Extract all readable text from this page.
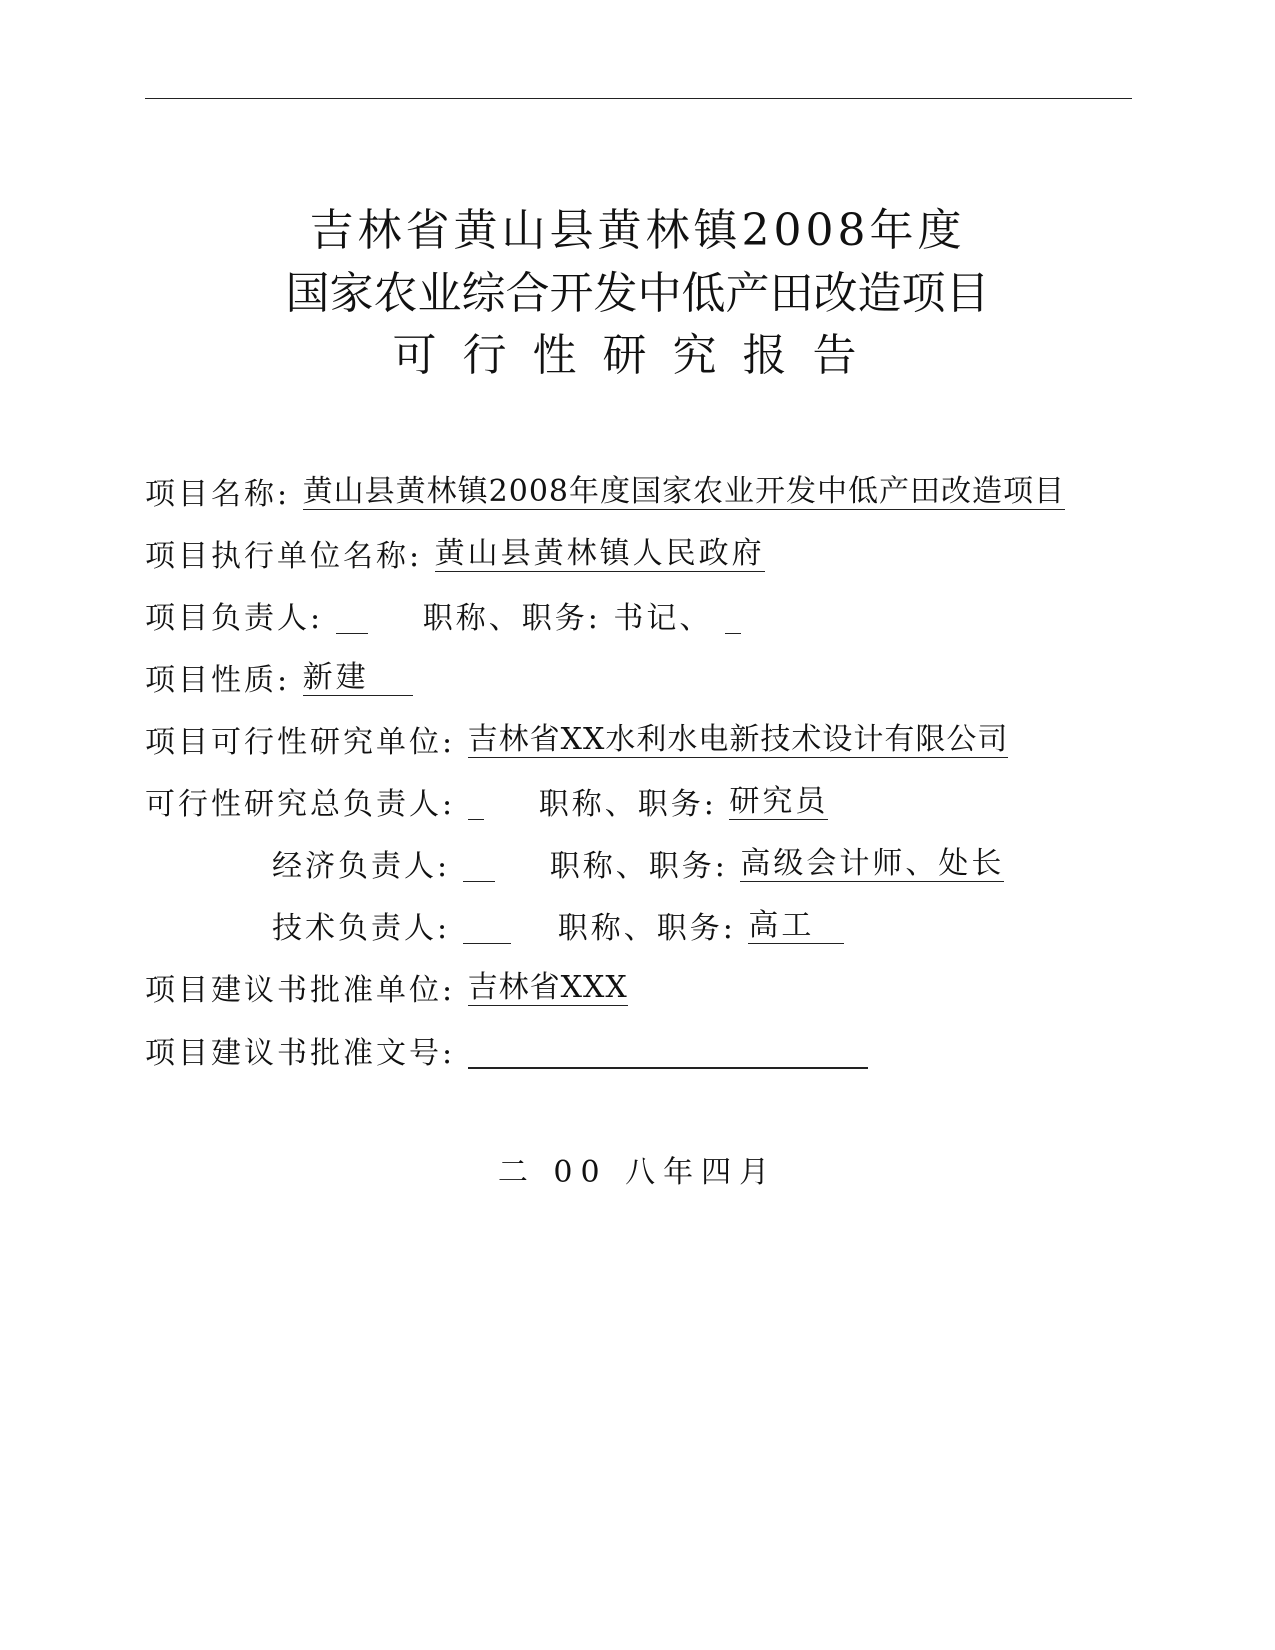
吉林省黄山县黄林镇2008年度
国家农业综合开发中低产田改造项目
可行性研究报告
项目名称: 黄山县黄林镇2008年度国家农业开发中低产田改造项目
项目执行单位名称: 黄山县黄林镇人民政府
项目负责人:	职称、职务: 书记、
项目性质: 新建
项目可行性研究单位: 吉林省XX水利水电新技术设计有限公司
可行性研究总负责人:	职称、职务: 研究员
经济负责人:	职称、职务: 高级会计师、处长
技术负责人:	职称、职务: 高工
项目建议书批准单位: 吉林省XXX
项目建议书批准文号:
二 00 八年四月
